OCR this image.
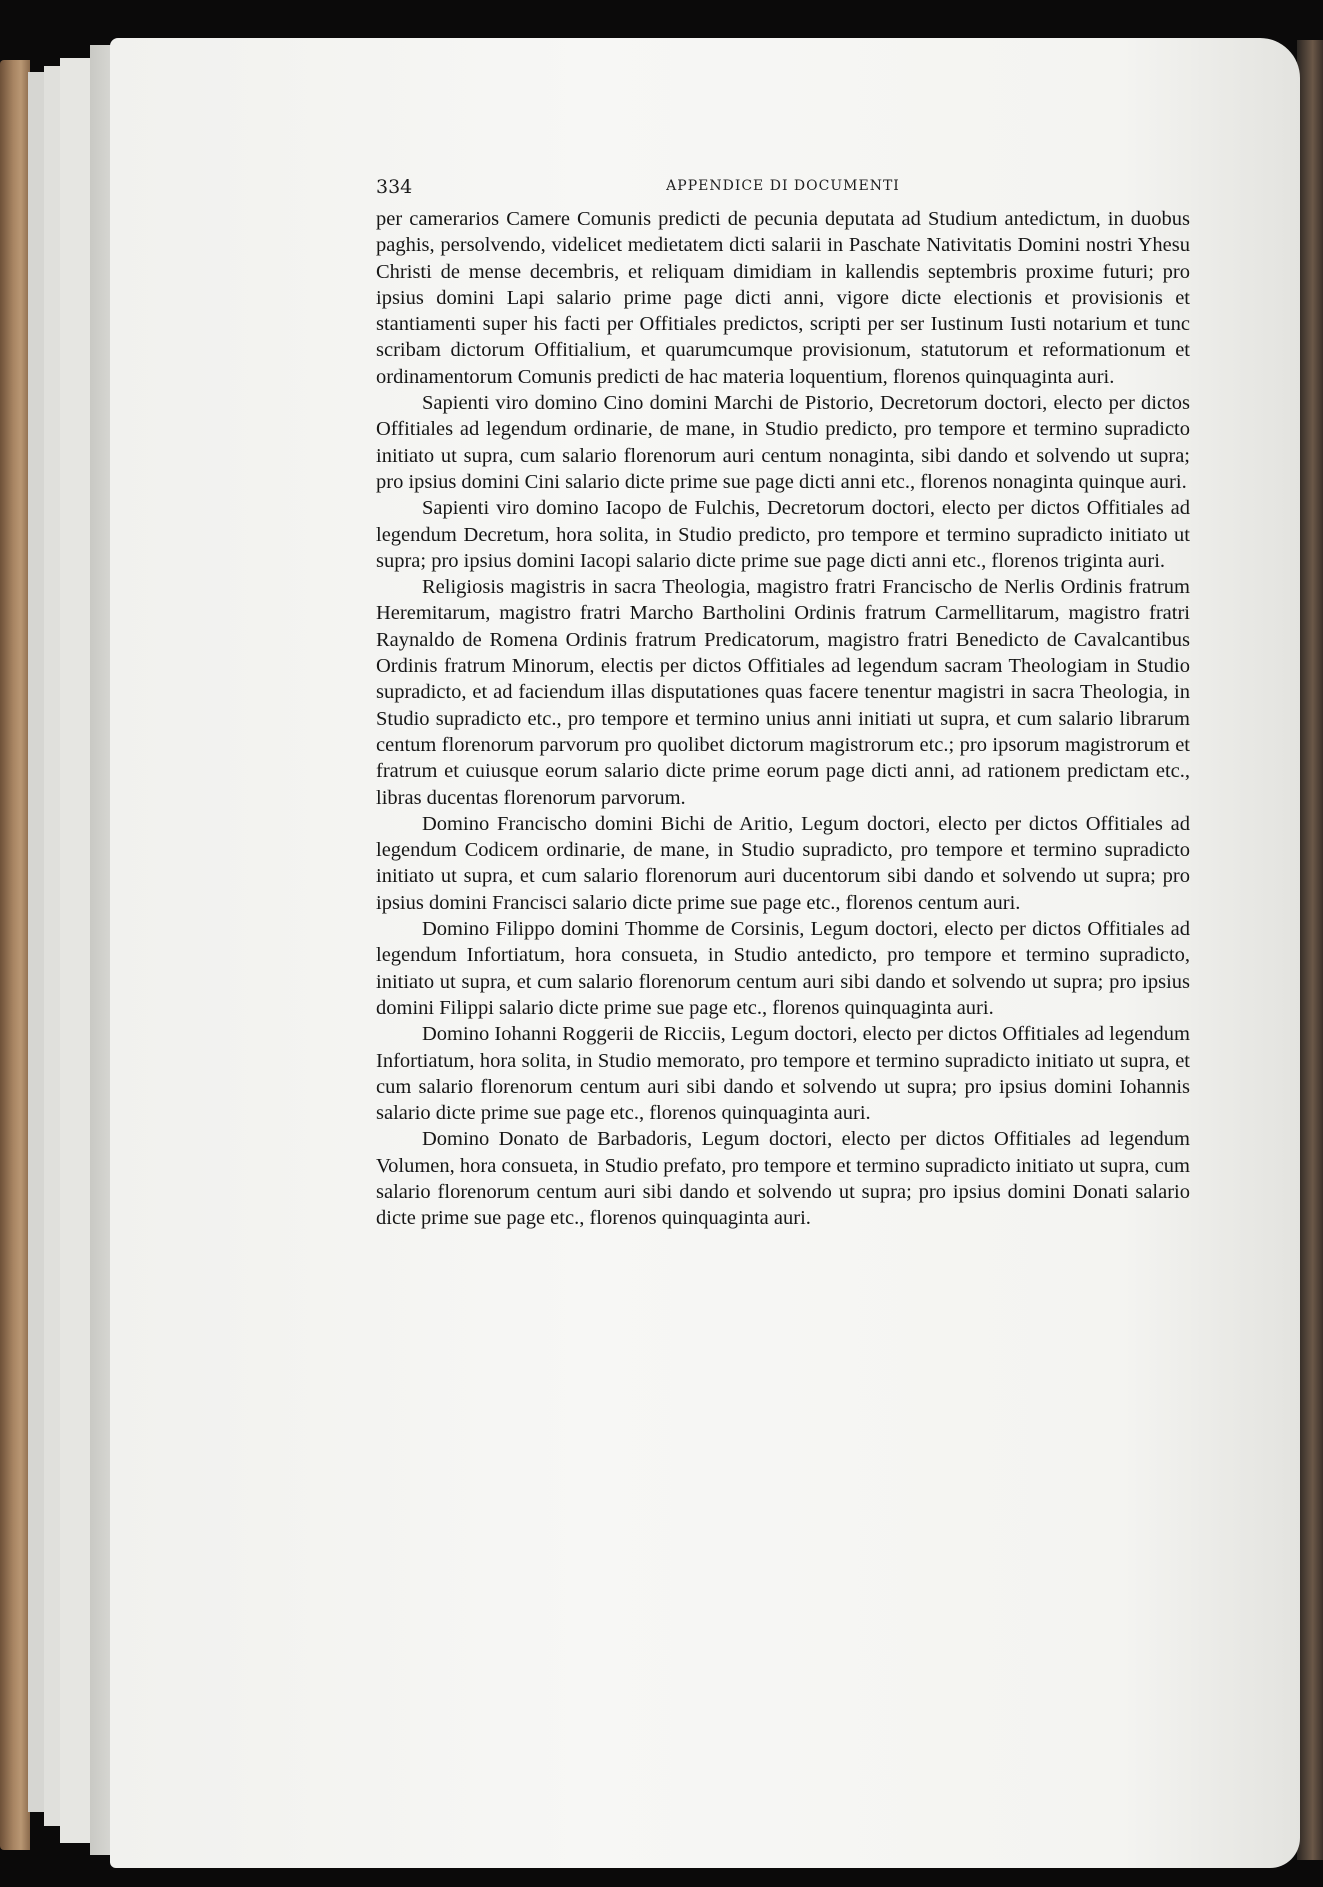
334	APPENDICE DI DOCUMENTI

per camerarios Camere Comunis predicti de pecunia deputata ad Studium antedictum, in duobus paghis, persolvendo, videlicet medietatem dicti salarii in Paschate Nativitatis Domini nostri Yhesu Christi de mense decembris, et reliquam dimidiam in kallendis septembris proxime futuri; pro ipsius domini Lapi salario prime page dicti anni, vigore dicte electionis et provisionis et stantiamenti super his facti per Offitiales predictos, scripti per ser Iustinum Iusti notarium et tunc scribam dictorum Offitialium, et quarumcumque provisionum, statutorum et reformationum et ordinamentorum Comunis predicti de hac materia loquentium, florenos quinquaginta auri.

Sapienti viro domino Cino domini Marchi de Pistorio, Decretorum doctori, electo per dictos Offitiales ad legendum ordinarie, de mane, in Studio predicto, pro tempore et termino supradicto initiato ut supra, cum salario florenorum auri centum nonaginta, sibi dando et solvendo ut supra; pro ipsius domini Cini salario dicte prime sue page dicti anni etc., florenos nonaginta quinque auri.

Sapienti viro domino Iacopo de Fulchis, Decretorum doctori, electo per dictos Offitiales ad legendum Decretum, hora solita, in Studio predicto, pro tempore et termino supradicto initiato ut supra; pro ipsius domini Iacopi salario dicte prime sue page dicti anni etc., florenos triginta auri.

Religiosis magistris in sacra Theologia, magistro fratri Francischo de Nerlis Ordinis fratrum Heremitarum, magistro fratri Marcho Bartholini Ordinis fratrum Carmellitarum, magistro fratri Raynaldo de Romena Ordinis fratrum Predicatorum, magistro fratri Benedicto de Cavalcantibus Ordinis fratrum Minorum, electis per dictos Offitiales ad legendum sacram Theologiam in Studio supradicto, et ad faciendum illas disputationes quas facere tenentur magistri in sacra Theologia, in Studio supradicto etc., pro tempore et termino unius anni initiati ut supra, et cum salario librarum centum florenorum parvorum pro quolibet dictorum magistrorum etc.; pro ipsorum magistrorum et fratrum et cuiusque eorum salario dicte prime eorum page dicti anni, ad rationem predictam etc., libras ducentas florenorum parvorum.

Domino Francischo domini Bichi de Aritio, Legum doctori, electo per dictos Offitiales ad legendum Codicem ordinarie, de mane, in Studio supradicto, pro tempore et termino supradicto initiato ut supra, et cum salario florenorum auri ducentorum sibi dando et solvendo ut supra; pro ipsius domini Francisci salario dicte prime sue page etc., florenos centum auri.

Domino Filippo domini Thomme de Corsinis, Legum doctori, electo per dictos Offitiales ad legendum Infortiatum, hora consueta, in Studio antedicto, pro tempore et termino supradicto, initiato ut supra, et cum salario florenorum centum auri sibi dando et solvendo ut supra; pro ipsius domini Filippi salario dicte prime sue page etc., florenos quinquaginta auri.

Domino Iohanni Roggerii de Ricciis, Legum doctori, electo per dictos Offitiales ad legendum Infortiatum, hora solita, in Studio memorato, pro tempore et termino supradicto initiato ut supra, et cum salario florenorum centum auri sibi dando et solvendo ut supra; pro ipsius domini Iohannis salario dicte prime sue page etc., florenos quinquaginta auri.

Domino Donato de Barbadoris, Legum doctori, electo per dictos Offitiales ad legendum Volumen, hora consueta, in Studio prefato, pro tempore et termino supradicto initiato ut supra, cum salario florenorum centum auri sibi dando et solvendo ut supra; pro ipsius domini Donati salario dicte prime sue page etc., florenos quinquaginta auri.
